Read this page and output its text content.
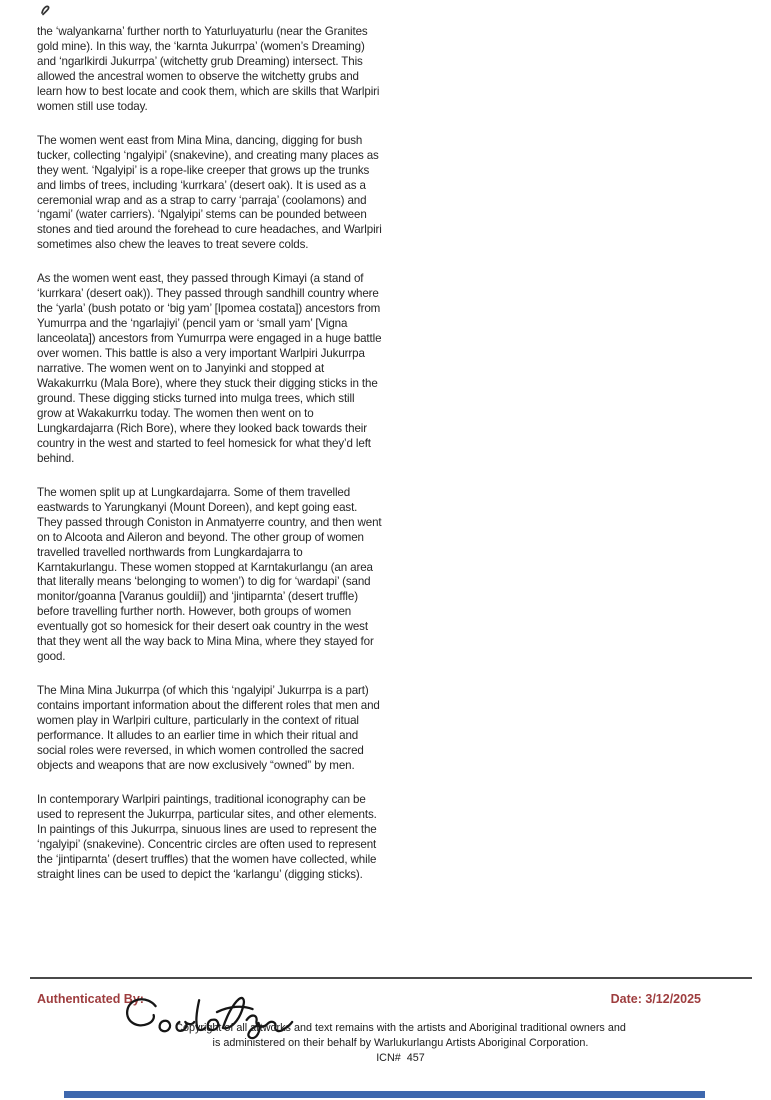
the ‘walyankarna’ further north to Yaturluyaturlu (near the Granites gold mine). In this way, the ‘karnta Jukurrpa’ (women’s Dreaming) and ‘ngarlkirdi Jukurrpa’ (witchetty grub Dreaming) intersect. This allowed the ancestral women to observe the witchetty grubs and learn how to best locate and cook them, which are skills that Warlpiri women still use today.

The women went east from Mina Mina, dancing, digging for bush tucker, collecting ‘ngalyipi’ (snakevine), and creating many places as they went. ‘Ngalyipi’ is a rope-like creeper that grows up the trunks and limbs of trees, including ‘kurrkara’ (desert oak). It is used as a ceremonial wrap and as a strap to carry ‘parraja’ (coolamons) and ‘ngami’ (water carriers). ‘Ngalyipi’ stems can be pounded between stones and tied around the forehead to cure headaches, and Warlpiri sometimes also chew the leaves to treat severe colds.

As the women went east, they passed through Kimayi (a stand of ‘kurrkara’ (desert oak)). They passed through sandhill country where the ‘yarla’ (bush potato or ‘big yam’ [Ipomea costata]) ancestors from Yumurrpa and the ‘ngarlajiyi’ (pencil yam or ‘small yam’ [Vigna lanceolata]) ancestors from Yumurrpa were engaged in a huge battle over women. This battle is also a very important Warlpiri Jukurrpa narrative. The women went on to Janyinki and stopped at Wakakurrku (Mala Bore), where they stuck their digging sticks in the ground. These digging sticks turned into mulga trees, which still grow at Wakakurrku today. The women then went on to Lungkardajarra (Rich Bore), where they looked back towards their country in the west and started to feel homesick for what they’d left behind.

The women split up at Lungkardajarra. Some of them travelled eastwards to Yarungkanyi (Mount Doreen), and kept going east. They passed through Coniston in Anmatyerre country, and then went on to Alcoota and Aileron and beyond. The other group of women travelled travelled northwards from Lungkardajarra to Karntakurlangu. These women stopped at Karntakurlangu (an area that literally means ‘belonging to women’) to dig for ‘wardapi’ (sand monitor/goanna [Varanus gouldii]) and ‘jintiparnta’ (desert truffle) before travelling further north. However, both groups of women eventually got so homesick for their desert oak country in the west that they went all the way back to Mina Mina, where they stayed for good.

The Mina Mina Jukurrpa (of which this ‘ngalyipi’ Jukurrpa is a part) contains important information about the different roles that men and women play in Warlpiri culture, particularly in the context of ritual performance. It alludes to an earlier time in which their ritual and social roles were reversed, in which women controlled the sacred objects and weapons that are now exclusively “owned” by men.

In contemporary Warlpiri paintings, traditional iconography can be used to represent the Jukurrpa, particular sites, and other elements. In paintings of this Jukurrpa, sinuous lines are used to represent the ‘ngalyipi’ (snakevine). Concentric circles are often used to represent the ‘jintiparnta’ (desert truffles) that the women have collected, while straight lines can be used to depict the ‘karlangu’ (digging sticks).

Authenticated By:	Date: 3/12/2025
Copyright of all artworks and text remains with the artists and Aboriginal traditional owners and
is administered on their behalf by Warlukurlangu Artists Aboriginal Corporation.
ICN#  457
